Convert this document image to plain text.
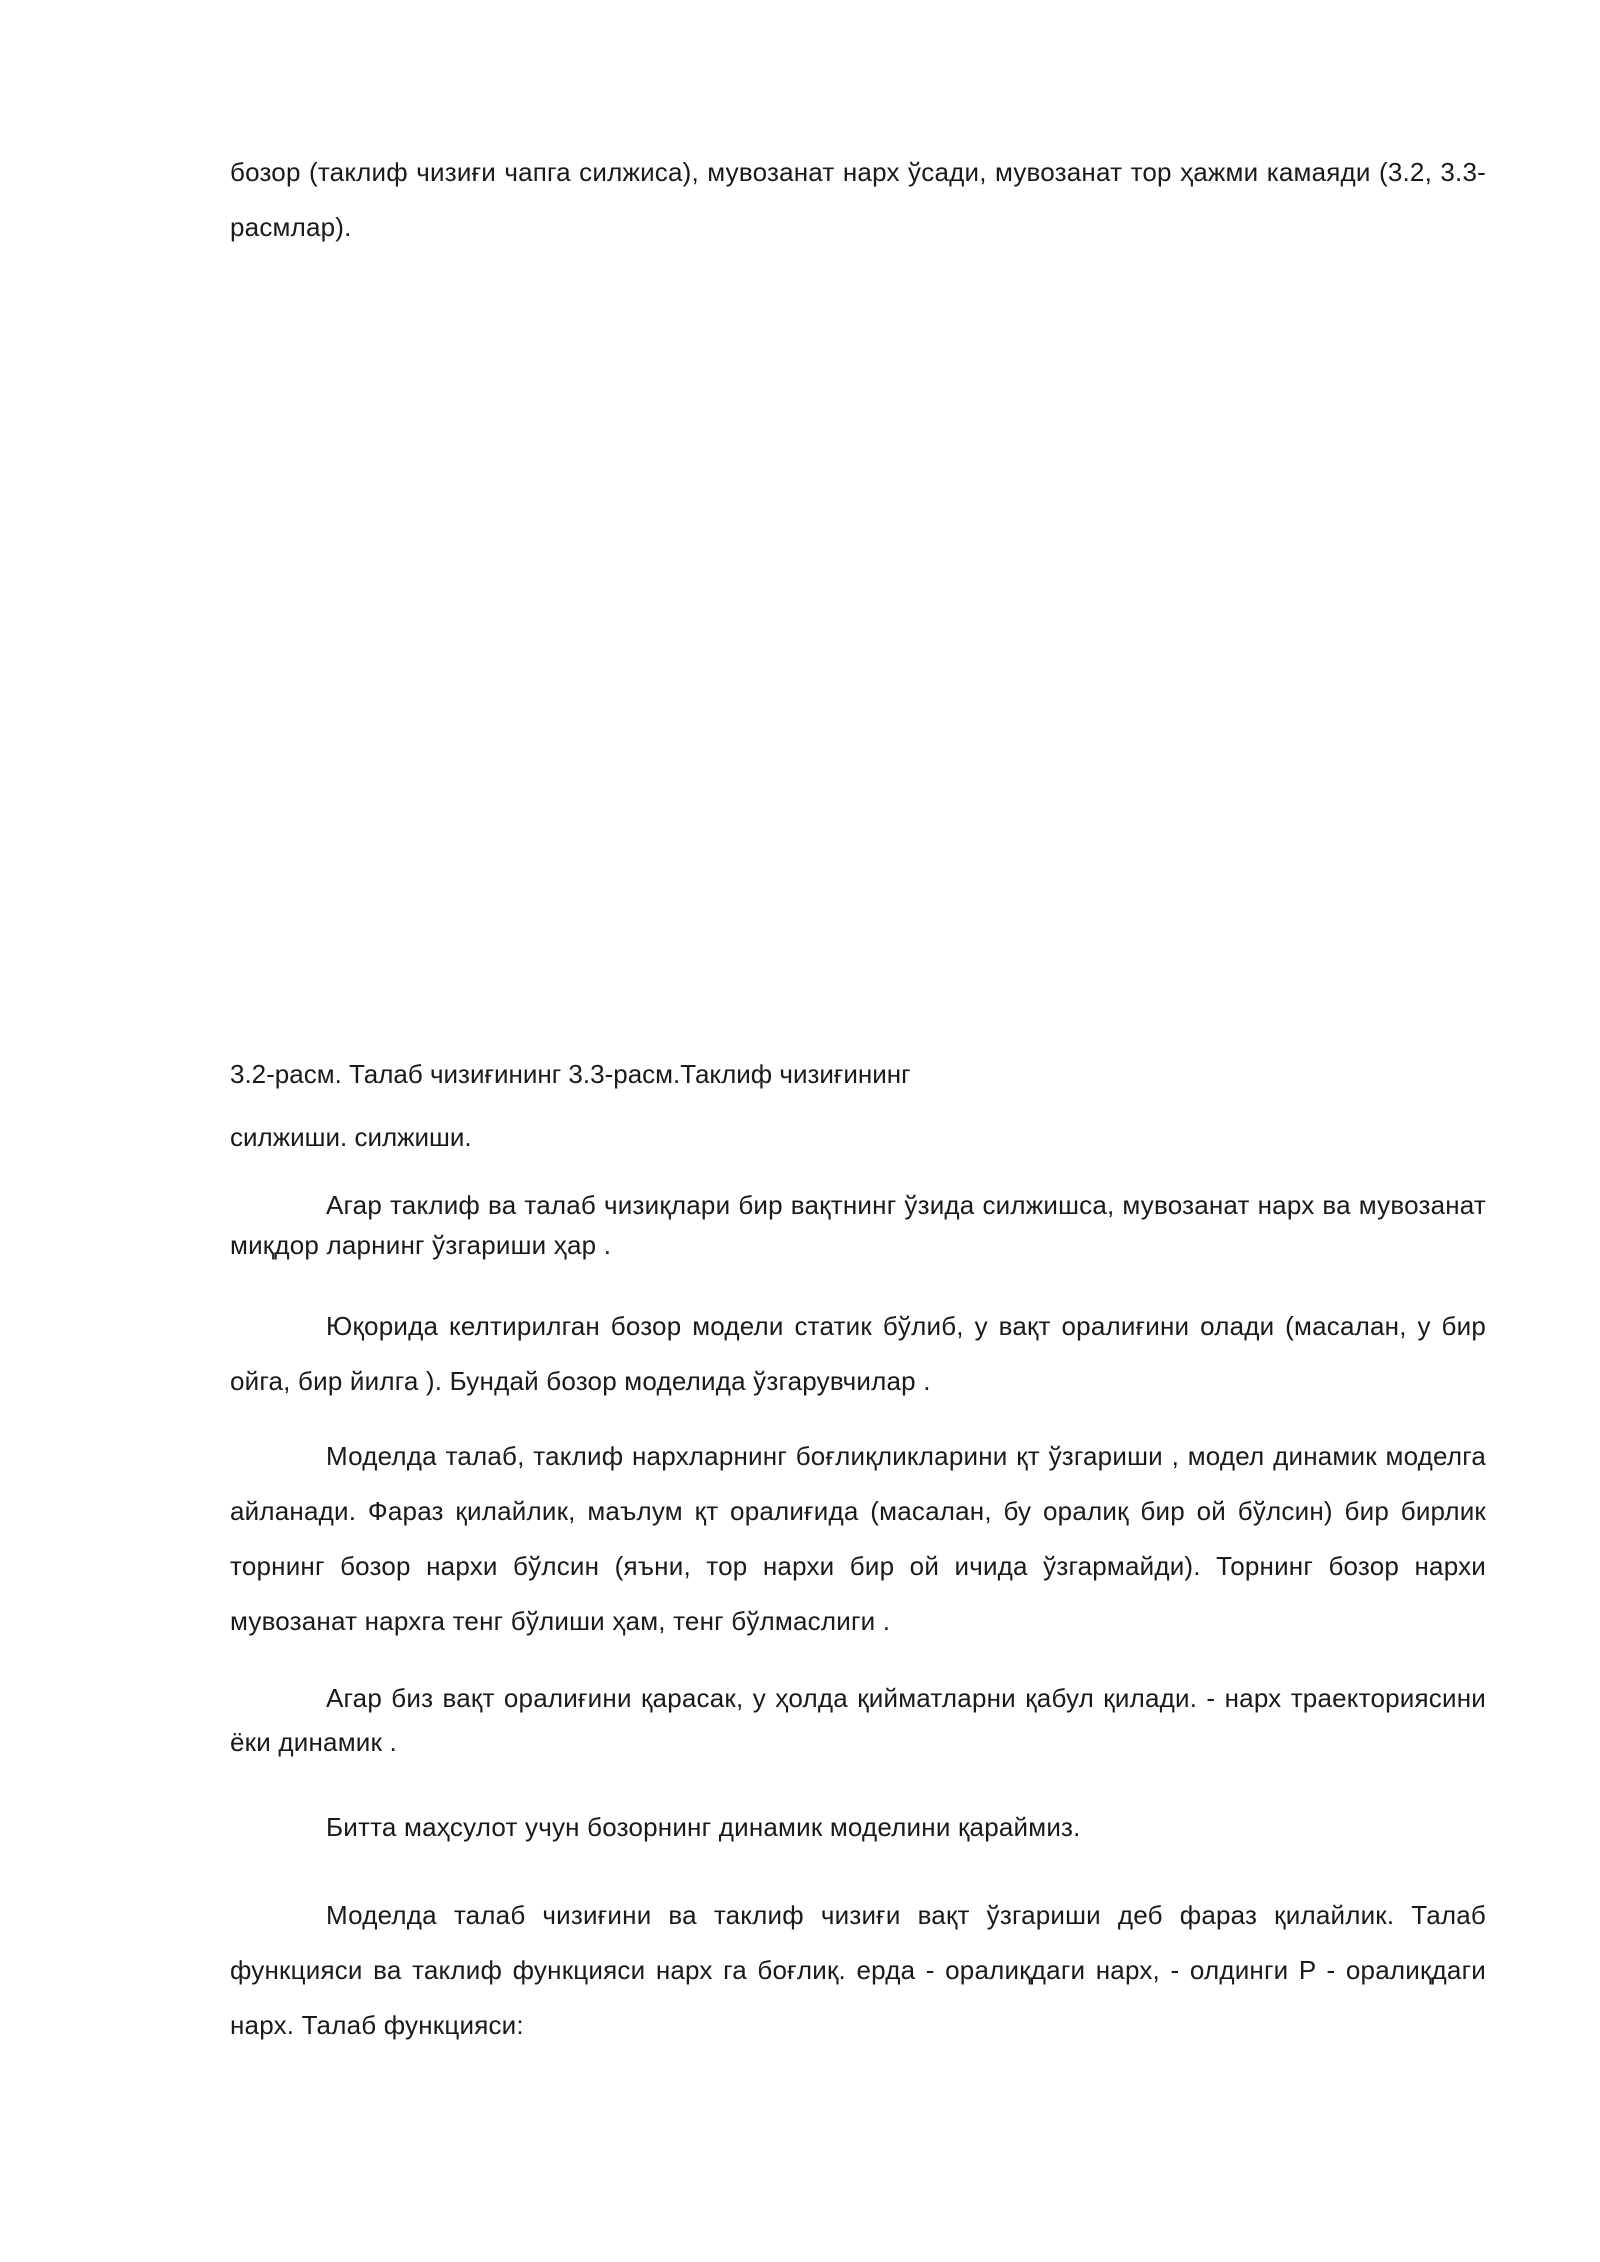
бозор (таклиф чизиғи чапга силжиса), мувозанат нарх ўсади, мувозанат тор ҳажми камаяди (3.2, 3.3-расмлар).

3.2-расм. Талаб чизиғининг 3.3-расм.Таклиф чизиғининг

силжиши. силжиши.

Агар таклиф ва талаб чизиқлари бир вақтнинг ўзида силжишса, мувозанат нарх ва мувозанат миқдор ларнинг ўзгариши ҳар .

Юқорида келтирилган бозор модели статик бўлиб, у вақт оралиғини олади (масалан, у бир ойга, бир йилга ). Бундай бозор моделида ўзгарувчилар .

Моделда талаб, таклиф нархларнинг боғлиқликларини қт ўзгариши , модел динамик моделга айланади. Фараз қилайлик, маълум қт оралиғида (масалан, бу оралиқ бир ой бўлсин) бир бирлик торнинг бозор нархи бўлсин (яъни, тор нархи бир ой ичида ўзгармайди). Торнинг бозор нархи мувозанат нархга тенг бўлиши ҳам, тенг бўлмаслиги .

Агар биз вақт оралиғини қарасак, у ҳолда қийматларни қабул қилади. - нарх траекториясини ёки динамик .

Битта маҳсулот учун бозорнинг динамик моделини қараймиз.

Моделда талаб чизиғини ва таклиф чизиғи вақт ўзгариши деб фараз қилайлик. Талаб функцияси ва таклиф функцияси нарх га боғлиқ. ерда - оралиқдаги нарх, - олдинги P - оралиқдаги нарх. Талаб функцияси:
